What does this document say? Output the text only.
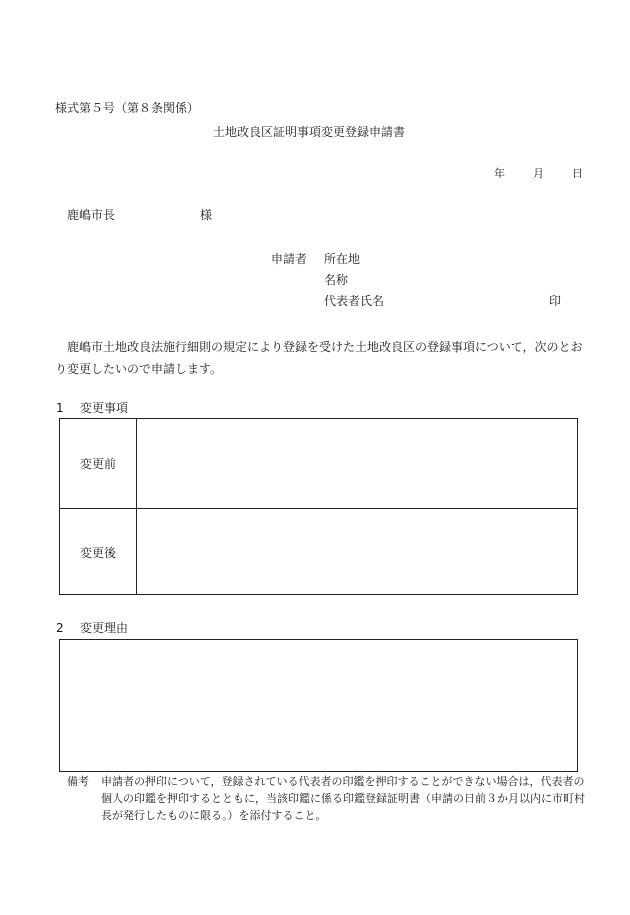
様式第５号（第８条関係）
土地改良区証明事項変更登録申請書
年	月	日
鹿嶋市長	様
申請者 所在地
名称
代表者氏名	印
鹿嶋市土地改良法施行細則の規定により登録を受けた土地改良区の登録事項について，次のとおり変更したいので申請します。
1 変更事項
変更前
変更後
2 変更理由
備考 申請者の押印について，登録されている代表者の印鑑を押印することができない場合は，代表者の個人の印鑑を押印するとともに，当該印鑑に係る印鑑登録証明書（申請の日前３か月以内に市町村長が発行したものに限る。）を添付すること。
